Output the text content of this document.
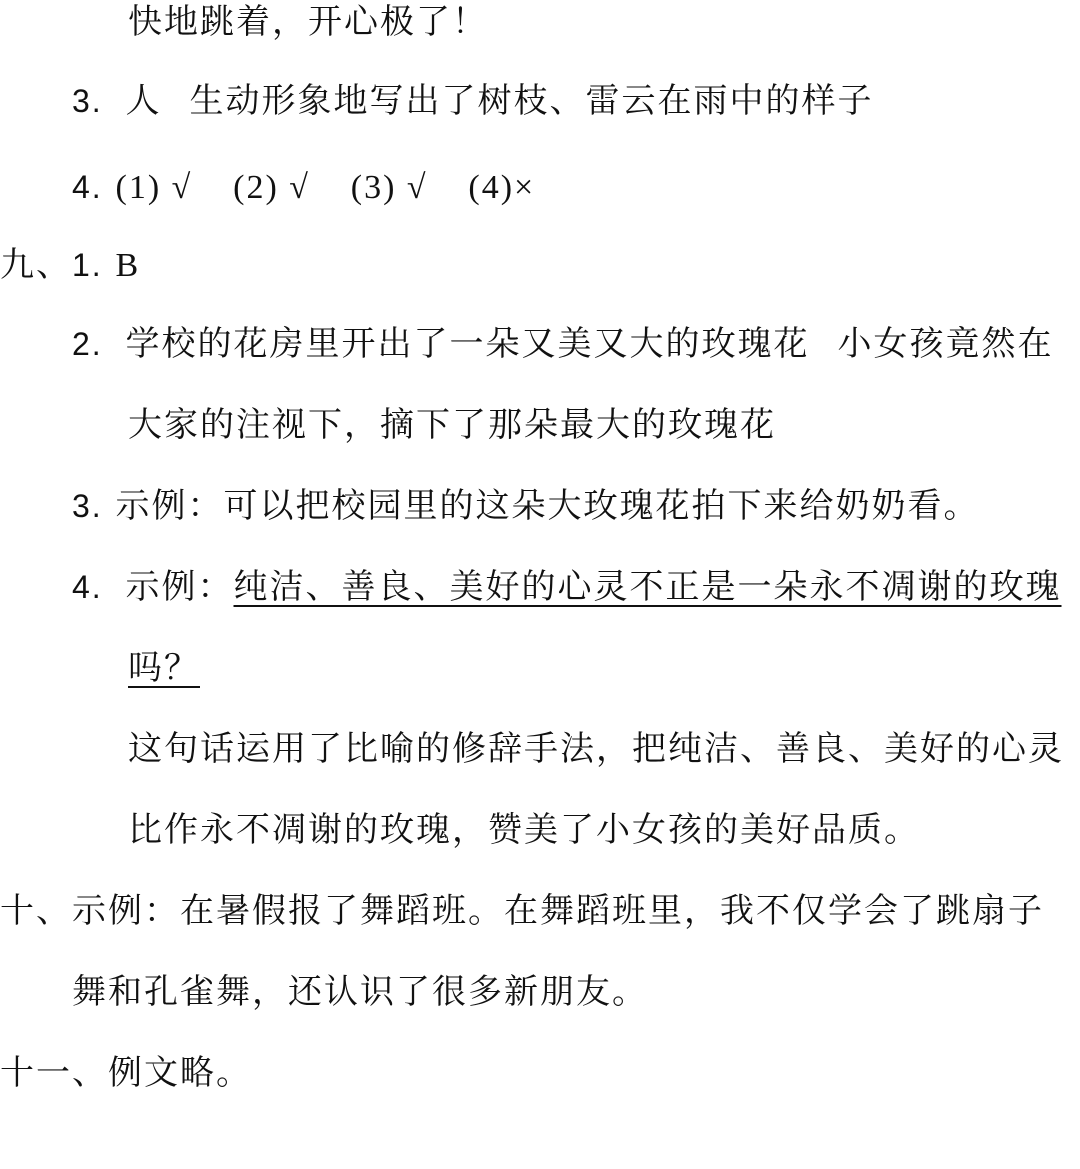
快地跳着，开心极了！
3. 人 生动形象地写出了树枝、雷云在雨中的样子
4. (1) √ (2) √ (3) √ (4)×
九、1. B
2. 学校的花房里开出了一朵又美又大的玫瑰花 小女孩竟然在
大家的注视下，摘下了那朵最大的玫瑰花
3. 示例：可以把校园里的这朵大玫瑰花拍下来给奶奶看。
4. 示例：纯洁、善良、美好的心灵不正是一朵永不凋谢的玫瑰
吗？
这句话运用了比喻的修辞手法，把纯洁、善良、美好的心灵
比作永不凋谢的玫瑰，赞美了小女孩的美好品质。
十、示例：在暑假报了舞蹈班。在舞蹈班里，我不仅学会了跳扇子
舞和孔雀舞，还认识了很多新朋友。
十一、例文略。
